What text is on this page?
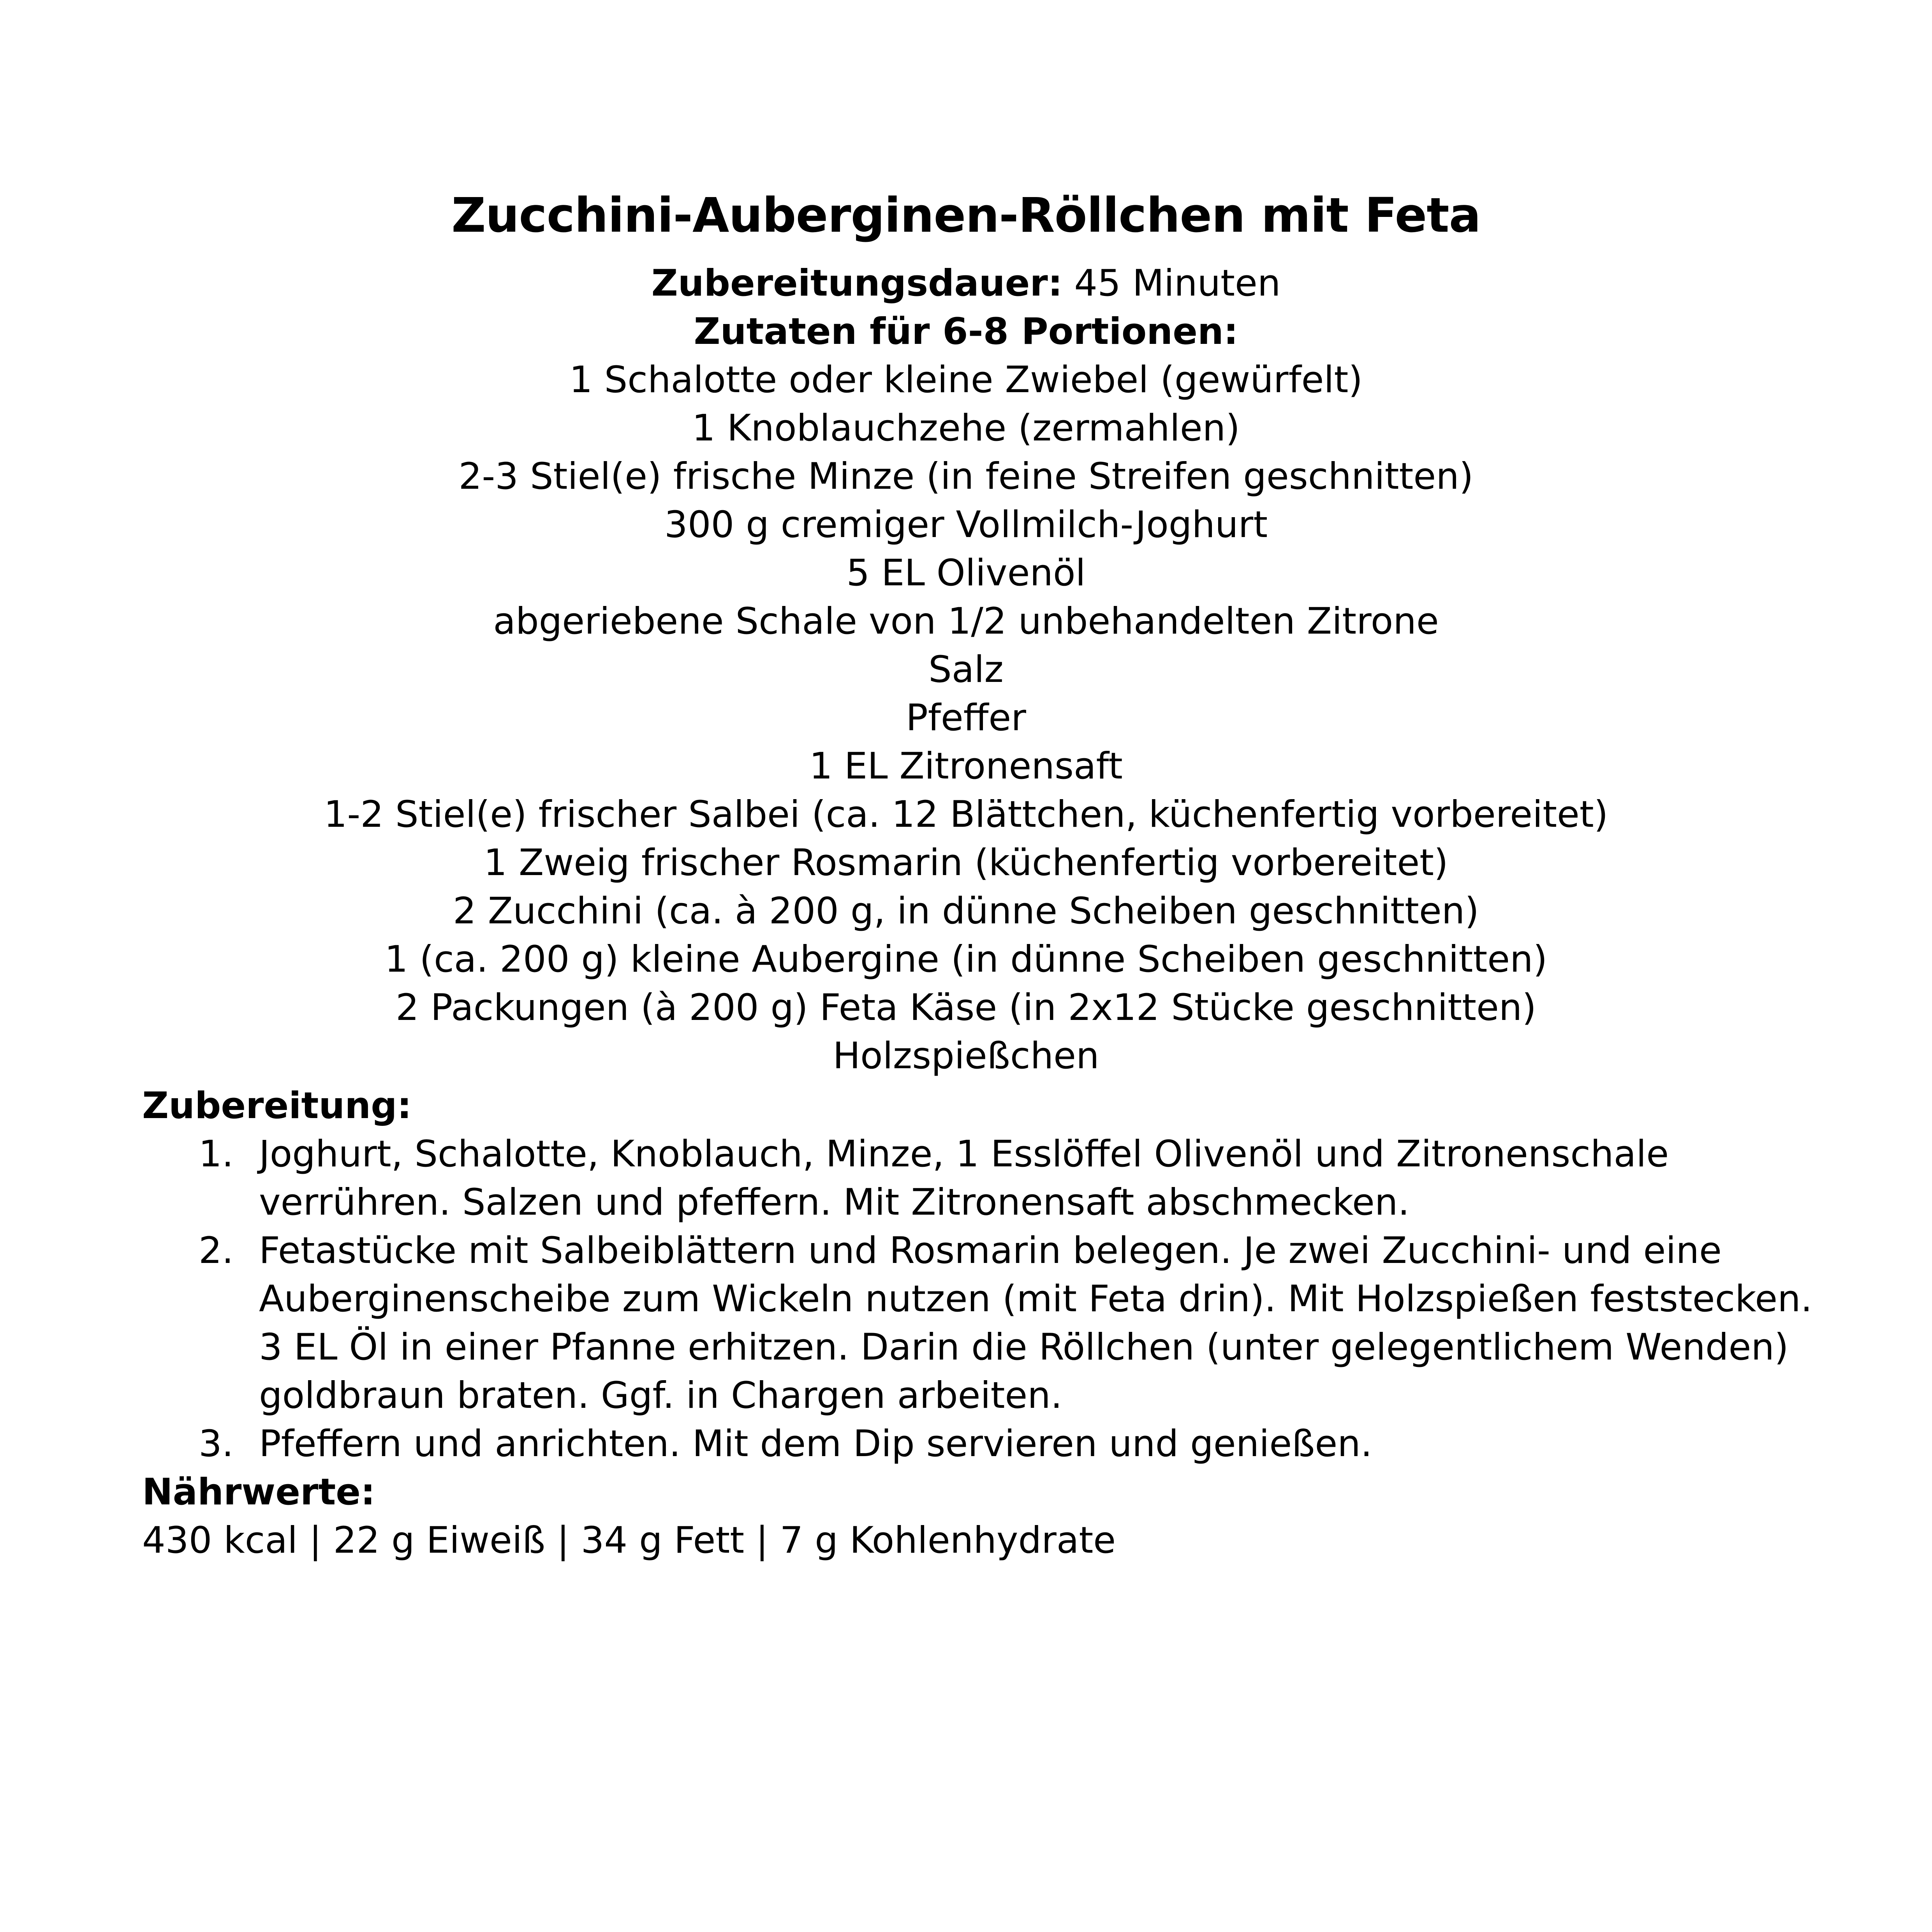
Zucchini-Auberginen-Röllchen mit Feta
Zubereitungsdauer: 45 Minuten
Zutaten für 6-8 Portionen:
1 Schalotte oder kleine Zwiebel (gewürfelt)
1 Knoblauchzehe (zermahlen)
2-3 Stiel(e) frische Minze (in feine Streifen geschnitten)
300 g cremiger Vollmilch-Joghurt
5 EL Olivenöl
abgeriebene Schale von 1/2 unbehandelten Zitrone
Salz
Pfeffer
1 EL Zitronensaft
1-2 Stiel(e) frischer Salbei (ca. 12 Blättchen, küchenfertig vorbereitet)
1 Zweig frischer Rosmarin (küchenfertig vorbereitet)
2 Zucchini (ca. à 200 g, in dünne Scheiben geschnitten)
1 (ca. 200 g) kleine Aubergine (in dünne Scheiben geschnitten)
2 Packungen (à 200 g) Feta Käse (in 2x12 Stücke geschnitten)
Holzspießchen
Zubereitung:
1. Joghurt, Schalotte, Knoblauch, Minze, 1 Esslöffel Olivenöl und Zitronenschale verrühren. Salzen und pfeffern. Mit Zitronensaft abschmecken.
2. Fetastücke mit Salbeiblättern und Rosmarin belegen. Je zwei Zucchini- und eine Auberginenscheibe zum Wickeln nutzen (mit Feta drin). Mit Holzspießen feststecken. 3 EL Öl in einer Pfanne erhitzen. Darin die Röllchen (unter gelegentlichem Wenden) goldbraun braten. Ggf. in Chargen arbeiten.
3. Pfeffern und anrichten. Mit dem Dip servieren und genießen.
Nährwerte:
430 kcal | 22 g Eiweiß | 34 g Fett | 7 g Kohlenhydrate
